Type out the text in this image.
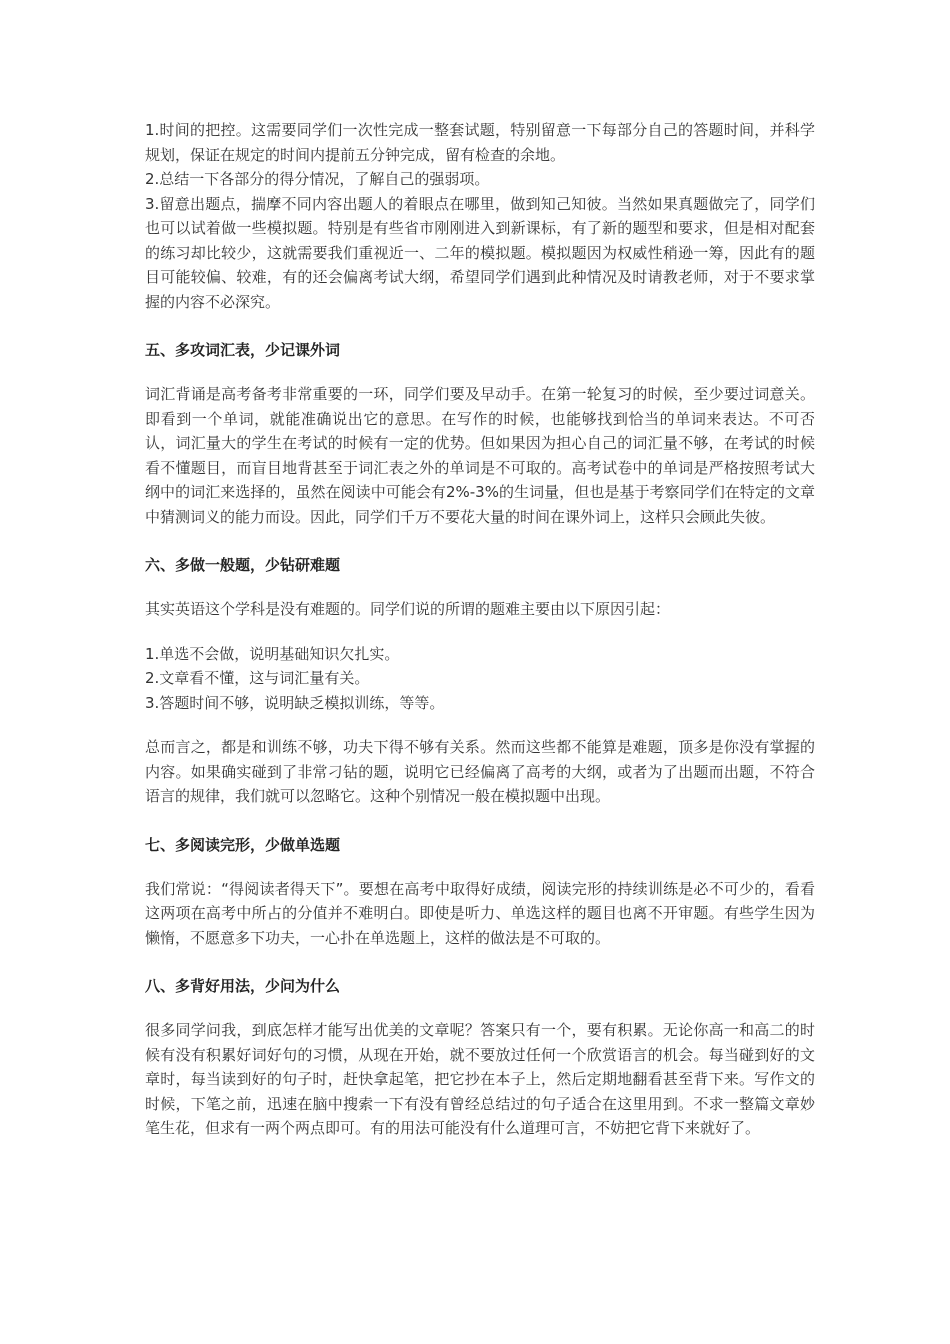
1.时间的把控。这需要同学们一次性完成一整套试题，特别留意一下每部分自己的答题时间，并科学规划，保证在规定的时间内提前五分钟完成，留有检查的余地。

2.总结一下各部分的得分情况，了解自己的强弱项。

3.留意出题点，揣摩不同内容出题人的着眼点在哪里，做到知己知彼。当然如果真题做完了，同学们也可以试着做一些模拟题。特别是有些省市刚刚进入到新课标，有了新的题型和要求，但是相对配套的练习却比较少，这就需要我们重视近一、二年的模拟题。模拟题因为权威性稍逊一筹，因此有的题目可能较偏、较难，有的还会偏离考试大纲，希望同学们遇到此种情况及时请教老师，对于不要求掌握的内容不必深究。

五、多攻词汇表，少记课外词

词汇背诵是高考备考非常重要的一环，同学们要及早动手。在第一轮复习的时候，至少要过词意关。即看到一个单词，就能准确说出它的意思。在写作的时候，也能够找到恰当的单词来表达。不可否认，词汇量大的学生在考试的时候有一定的优势。但如果因为担心自己的词汇量不够，在考试的时候看不懂题目，而盲目地背甚至于词汇表之外的单词是不可取的。高考试卷中的单词是严格按照考试大纲中的词汇来选择的，虽然在阅读中可能会有2%-3%的生词量，但也是基于考察同学们在特定的文章中猜测词义的能力而设。因此，同学们千万不要花大量的时间在课外词上，这样只会顾此失彼。

六、多做一般题，少钻研难题

其实英语这个学科是没有难题的。同学们说的所谓的题难主要由以下原因引起：

1.单选不会做，说明基础知识欠扎实。

2.文章看不懂，这与词汇量有关。

3.答题时间不够，说明缺乏模拟训练，等等。

总而言之，都是和训练不够，功夫下得不够有关系。然而这些都不能算是难题，顶多是你没有掌握的内容。如果确实碰到了非常刁钻的题，说明它已经偏离了高考的大纲，或者为了出题而出题，不符合语言的规律，我们就可以忽略它。这种个别情况一般在模拟题中出现。

七、多阅读完形，少做单选题

我们常说：“得阅读者得天下”。要想在高考中取得好成绩，阅读完形的持续训练是必不可少的，看看这两项在高考中所占的分值并不难明白。即使是听力、单选这样的题目也离不开审题。有些学生因为懒惰，不愿意多下功夫，一心扑在单选题上，这样的做法是不可取的。

八、多背好用法，少问为什么

很多同学问我，到底怎样才能写出优美的文章呢？答案只有一个，要有积累。无论你高一和高二的时候有没有积累好词好句的习惯，从现在开始，就不要放过任何一个欣赏语言的机会。每当碰到好的文章时，每当读到好的句子时，赶快拿起笔，把它抄在本子上，然后定期地翻看甚至背下来。写作文的时候，下笔之前，迅速在脑中搜索一下有没有曾经总结过的句子适合在这里用到。不求一整篇文章妙笔生花，但求有一两个两点即可。有的用法可能没有什么道理可言，不妨把它背下来就好了。
